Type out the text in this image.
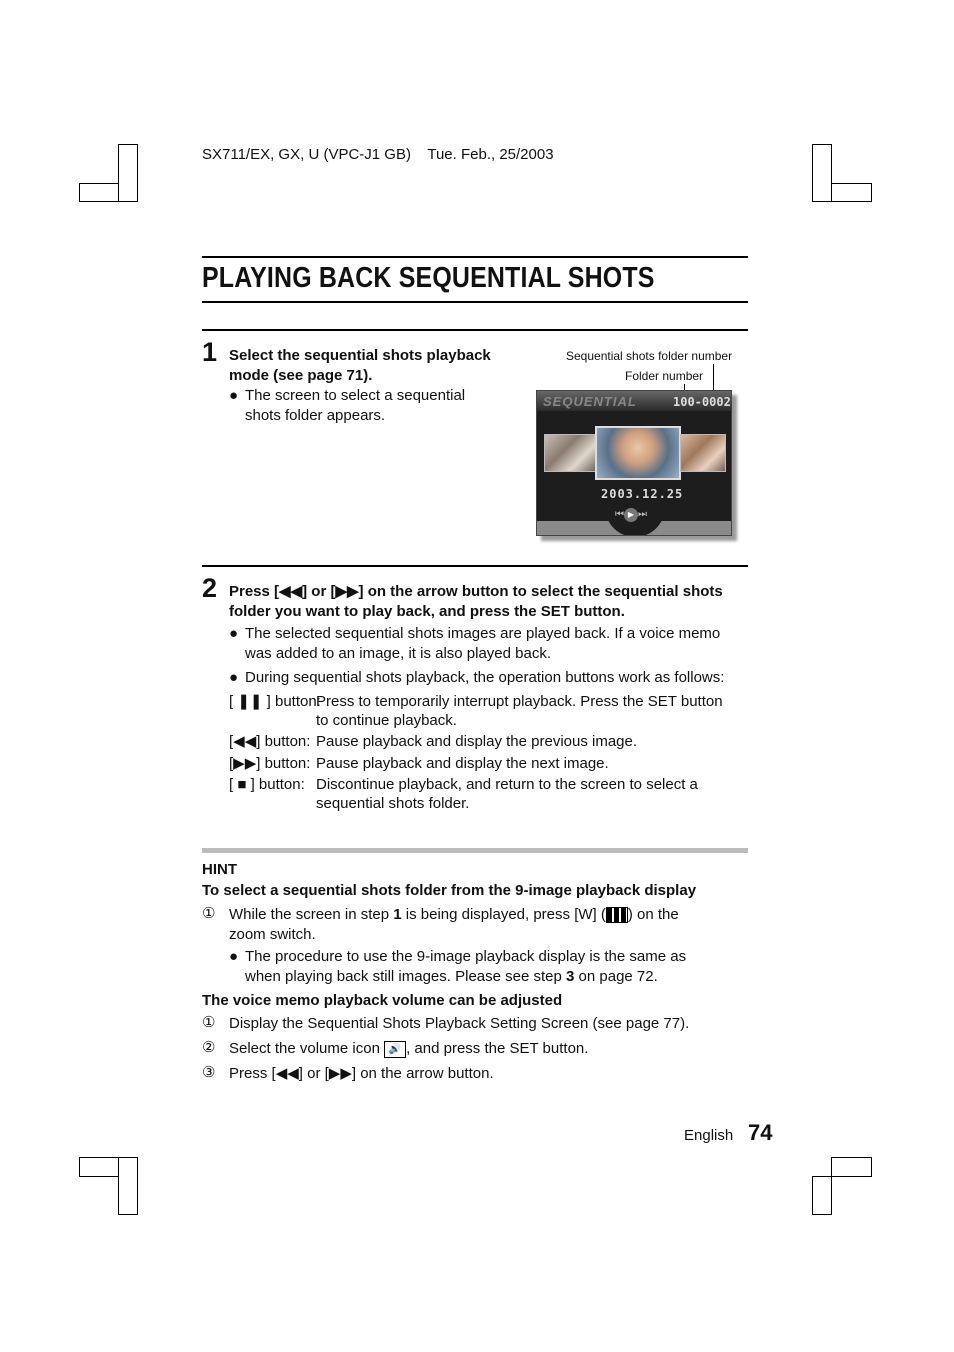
SX711/EX, GX, U (VPC-J1 GB)    Tue. Feb., 25/2003
PLAYING BACK SEQUENTIAL SHOTS
1 Select the sequential shots playback
mode (see page 71).
● The screen to select a sequential
shots folder appears.
Sequential shots folder number
Folder number
SEQUENTIAL	100-0002
2003.12.25
⏮ ▶ ⏭
2 Press [◀◀] or [▶▶] on the arrow button to select the sequential shots
folder you want to play back, and press the SET button.
● The selected sequential shots images are played back. If a voice memo
was added to an image, it is also played back.
● During sequential shots playback, the operation buttons work as follows:
[ ❚❚ ] button:
Press to temporarily interrupt playback. Press the SET button
to continue playback.
[◀◀] button: Pause playback and display the previous image.
[▶▶] button: Pause playback and display the next image.
[ ■ ] button: Discontinue playback, and return to the screen to select a
sequential shots folder.
HINT
To select a sequential shots folder from the 9-image playback display
① While the screen in step 1 is being displayed, press [W] ( ) on the
zoom switch.
● The procedure to use the 9-image playback display is the same as
when playing back still images. Please see step 3 on page 72.
The voice memo playback volume can be adjusted
① Display the Sequential Shots Playback Setting Screen (see page 77).
② Select the volume icon 🔊 , and press the SET button.
③ Press [◀◀] or [▶▶] on the arrow button.
English 74
